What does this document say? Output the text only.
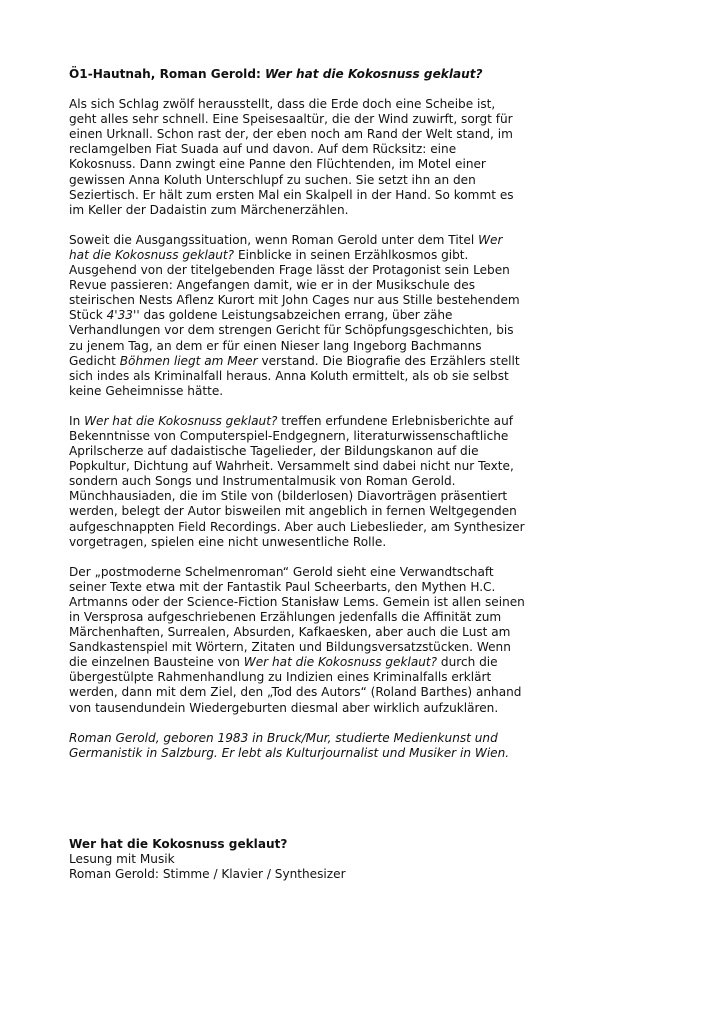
Ö1-Hautnah, Roman Gerold: Wer hat die Kokosnuss geklaut?

Als sich Schlag zwölf herausstellt, dass die Erde doch eine Scheibe ist, geht alles sehr schnell. Eine Speisesaaltür, die der Wind zuwirft, sorgt für einen Urknall. Schon rast der, der eben noch am Rand der Welt stand, im reclamgelben Fiat Suada auf und davon. Auf dem Rücksitz: eine Kokosnuss. Dann zwingt eine Panne den Flüchtenden, im Motel einer gewissen Anna Koluth Unterschlupf zu suchen. Sie setzt ihn an den Seziertisch. Er hält zum ersten Mal ein Skalpell in der Hand. So kommt es im Keller der Dadaistin zum Märchenerzählen.

Soweit die Ausgangssituation, wenn Roman Gerold unter dem Titel Wer hat die Kokosnuss geklaut? Einblicke in seinen Erzählkosmos gibt. Ausgehend von der titelgebenden Frage lässt der Protagonist sein Leben Revue passieren: Angefangen damit, wie er in der Musikschule des steirischen Nests Aflenz Kurort mit John Cages nur aus Stille bestehendem Stück 4'33'' das goldene Leistungsabzeichen errang, über zähe Verhandlungen vor dem strengen Gericht für Schöpfungsgeschichten, bis zu jenem Tag, an dem er für einen Nieser lang Ingeborg Bachmanns Gedicht Böhmen liegt am Meer verstand. Die Biografie des Erzählers stellt sich indes als Kriminalfall heraus. Anna Koluth ermittelt, als ob sie selbst keine Geheimnisse hätte.

In Wer hat die Kokosnuss geklaut? treffen erfundene Erlebnisberichte auf Bekenntnisse von Computerspiel-Endgegnern, literaturwissenschaftliche Aprilscherze auf dadaistische Tagelieder, der Bildungskanon auf die Popkultur, Dichtung auf Wahrheit. Versammelt sind dabei nicht nur Texte, sondern auch Songs und Instrumentalmusik von Roman Gerold. Münchhausiaden, die im Stile von (bilderlosen) Diavorträgen präsentiert werden, belegt der Autor bisweilen mit angeblich in fernen Weltgegenden aufgeschnappten Field Recordings. Aber auch Liebeslieder, am Synthesizer vorgetragen, spielen eine nicht unwesentliche Rolle.

Der „postmoderne Schelmenroman“ Gerold sieht eine Verwandtschaft seiner Texte etwa mit der Fantastik Paul Scheerbarts, den Mythen H.C. Artmanns oder der Science-Fiction Stanisław Lems. Gemein ist allen seinen in Versprosa aufgeschriebenen Erzählungen jedenfalls die Affinität zum Märchenhaften, Surrealen, Absurden, Kafkaesken, aber auch die Lust am Sandkastenspiel mit Wörtern, Zitaten und Bildungsversatzstücken. Wenn die einzelnen Bausteine von Wer hat die Kokosnuss geklaut? durch die übergestülpte Rahmenhandlung zu Indizien eines Kriminalfalls erklärt werden, dann mit dem Ziel, den „Tod des Autors“ (Roland Barthes) anhand von tausendundein Wiedergeburten diesmal aber wirklich aufzuklären.

Roman Gerold, geboren 1983 in Bruck/Mur, studierte Medienkunst und Germanistik in Salzburg. Er lebt als Kulturjournalist und Musiker in Wien.

Wer hat die Kokosnuss geklaut?

Lesung mit Musik

Roman Gerold: Stimme / Klavier / Synthesizer
